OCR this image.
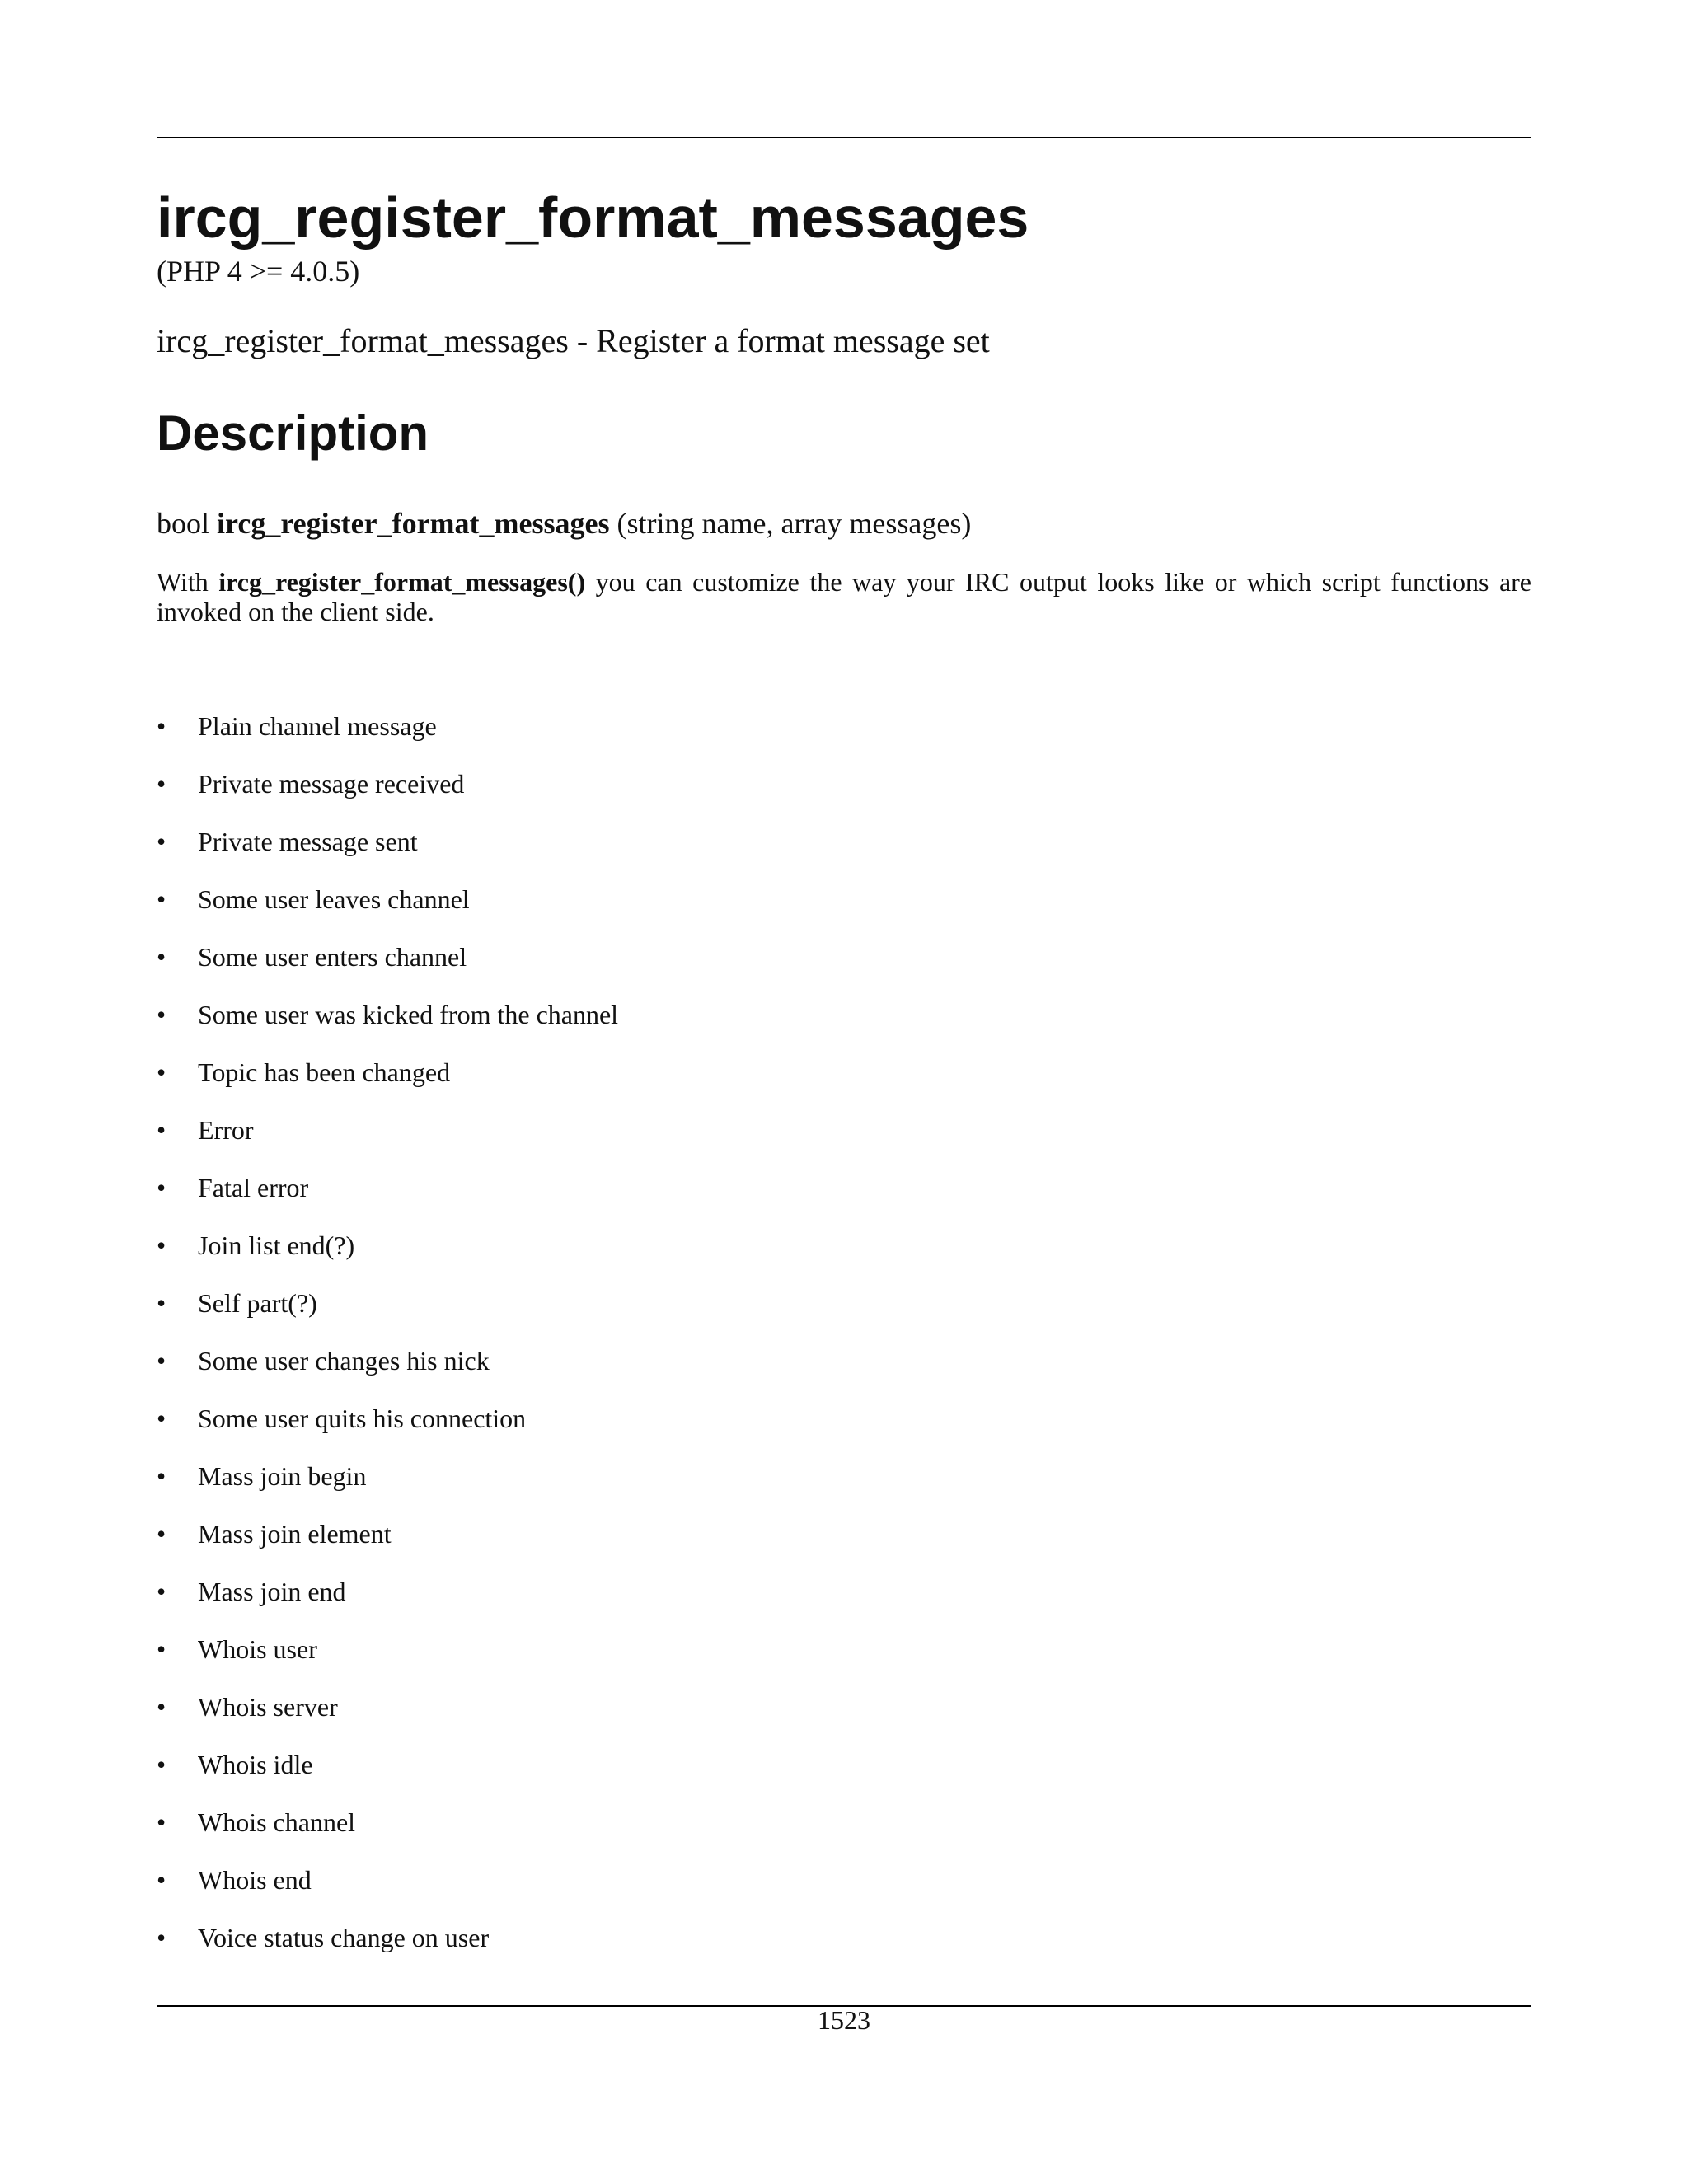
ircg_register_format_messages
(PHP 4 >= 4.0.5)
ircg_register_format_messages - Register a format message set
Description
bool ircg_register_format_messages (string name, array messages)
With ircg_register_format_messages() you can customize the way your IRC output looks like or which script functions are invoked on the client side.
•	Plain channel message
•	Private message received
•	Private message sent
•	Some user leaves channel
•	Some user enters channel
•	Some user was kicked from the channel
•	Topic has been changed
•	Error
•	Fatal error
•	Join list end(?)
•	Self part(?)
•	Some user changes his nick
•	Some user quits his connection
•	Mass join begin
•	Mass join element
•	Mass join end
•	Whois user
•	Whois server
•	Whois idle
•	Whois channel
•	Whois end
•	Voice status change on user
1523
